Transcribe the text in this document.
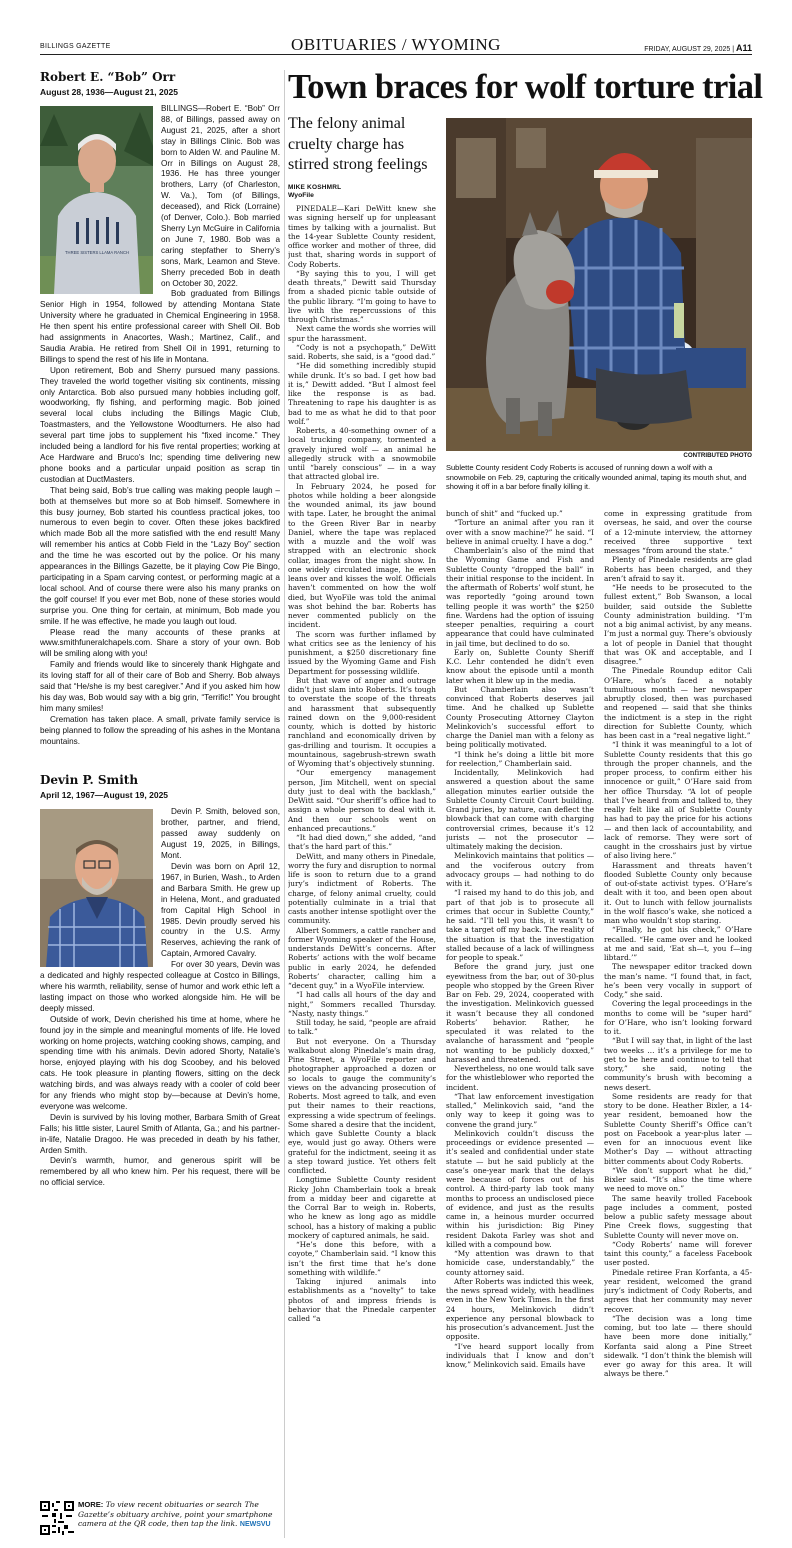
BILLINGS GAZETTE	OBITUARIES / WYOMING	FRIDAY, AUGUST 29, 2025 | A11
Robert E. “Bob” Orr
August 28, 1936—August 21, 2025
THREE SISTERS LLAMA RANCH

BILLINGS—Robert E. “Bob” Orr 88, of Billings, passed away on August 21, 2025, after a short stay in Billings Clinic. Bob was born to Alden W. and Pauline M. Orr in Billings on August 28, 1936. He has three younger brothers, Larry (of Charleston, W. Va.), Tom (of Billings, deceased), and Rick (Lorraine) (of Denver, Colo.). Bob married Sherry Lyn McGuire in California on June 7, 1980. Bob was a caring stepfather to Sherry’s sons, Mark, Leamon and Steve. Sherry preceded Bob in death on October 30, 2022.

Bob graduated from Billings Senior High in 1954, followed by attending Montana State University where he graduated in Chemical Engineering in 1958. He then spent his entire professional career with Shell Oil. Bob had assignments in Anacortes, Wash.; Martinez, Calif., and Saudia Arabia. He retired from Shell Oil in 1991, returning to Billings to spend the rest of his life in Montana.

Upon retirement, Bob and Sherry pursued many passions. They traveled the world together visiting six continents, missing only Antarctica. Bob also pursued many hobbies including golf, woodworking, fly fishing, and performing magic. Bob joined several local clubs including the Billings Magic Club, Toastmasters, and the Yellowstone Woodturners. He also had several part time jobs to supplement his “fixed income.” They included being a landlord for his five rental properties; working at Ace Hardware and Bruco’s Inc; spending time delivering new phone books and a particular unpaid position as scrap tin custodian at DuctMasters.

That being said, Bob’s true calling was making people laugh – both at themselves but more so at Bob himself. Somewhere in this busy journey, Bob started his countless practical jokes, too numerous to even begin to cover. Often these jokes backfired which made Bob all the more satisfied with the end result! Many will remember his antics at Cobb Field in the “Lazy Boy” section and the time he was escorted out by the police. Or his many appearances in the Billings Gazette, be it playing Cow Pie Bingo, participating in a Spam carving contest, or performing magic at a local school. And of course there were also his many pranks on the golf course! If you ever met Bob, none of these stories would surprise you. One thing for certain, at minimum, Bob made you smile. If he was effective, he made you laugh out loud.

Please read the many accounts of these pranks at www.smithfuneralchapels.com. Share a story of your own. Bob will be smiling along with you!

Family and friends would like to sincerely thank Highgate and its loving staff for all of their care of Bob and Sherry. Bob always said that “He/she is my best caregiver.” And if you asked him how his day was, Bob would say with a big grin, “Terrific!” You brought him many smiles!

Cremation has taken place. A small, private family service is being planned to follow the spreading of his ashes in the Montana mountains.

Devin P. Smith
April 12, 1967—August 19, 2025

Devin P. Smith, beloved son, brother, partner, and friend, passed away suddenly on August 19, 2025, in Billings, Mont.

Devin was born on April 12, 1967, in Burien, Wash., to Arden and Barbara Smith. He grew up in Helena, Mont., and graduated from Capital High School in 1985. Devin proudly served his country in the U.S. Army Reserves, achieving the rank of Captain, Armored Cavalry.

For over 30 years, Devin was a dedicated and highly respected colleague at Costco in Billings, where his warmth, reliability, sense of humor and work ethic left a lasting impact on those who worked alongside him. He will be deeply missed.

Outside of work, Devin cherished his time at home, where he found joy in the simple and meaningful moments of life. He loved working on home projects, watching cooking shows, camping, and spending time with his animals. Devin adored Shorty, Natalie’s horse, enjoyed playing with his dog Scoobey, and his beloved cats. He took pleasure in planting flowers, sitting on the deck watching birds, and was always ready with a cooler of cold beer for any friends who might stop by—because at Devin’s home, everyone was welcome.

Devin is survived by his loving mother, Barbara Smith of Great Falls; his little sister, Laurel Smith of Atlanta, Ga.; and his partner-in-life, Natalie Dragoo. He was preceded in death by his father, Arden Smith.

Devin’s warmth, humor, and generous spirit will be remembered by all who knew him. Per his request, there will be no official service.

MORE: To view recent obituaries or search The Gazette’s obituary archive, point your smartphone camera at the QR code, then tap the link. NEWSVU
Town braces for wolf torture trial
The felony animal cruelty charge has stirred strong feelings
MIKE KOSHMRL
WyoFile
CONTRIBUTED PHOTO
Sublette County resident Cody Roberts is accused of running down a wolf with a snowmobile on Feb. 29, capturing the critically wounded animal, taping its mouth shut, and showing it off in a bar before finally killing it.

PINEDALE—Kari DeWitt knew she was signing herself up for unpleasant times by talking with a journalist. But the 14-year Sublette County resident, office worker and mother of three, did just that, sharing words in support of Cody Roberts.

“By saying this to you, I will get death threats,” Dewitt said Thursday from a shaded picnic table outside of the public library. “I’m going to have to live with the repercussions of this through Christmas.”

Next came the words she worries will spur the harassment.

“Cody is not a psychopath,” DeWitt said. Roberts, she said, is a “good dad.”

“He did something incredibly stupid while drunk. It’s so bad. I get how bad it is,” Dewitt added. “But I almost feel like the response is as bad. Threatening to rape his daughter is as bad to me as what he did to that poor wolf.”

Roberts, a 40-something owner of a local trucking company, tormented a gravely injured wolf — an animal he allegedly struck with a snowmobile until “barely conscious” — in a way that attracted global ire.

In February 2024, he posed for photos while holding a beer alongside the wounded animal, its jaw bound with tape. Later, he brought the animal to the Green River Bar in nearby Daniel, where the tape was replaced with a muzzle and the wolf was strapped with an electronic shock collar, images from the night show. In one widely circulated image, he even leans over and kisses the wolf. Officials haven’t commented on how the wolf died, but WyoFile was told the animal was shot behind the bar. Roberts has never commented publicly on the incident.

The scorn was further inflamed by what critics see as the leniency of his punishment, a $250 discretionary fine issued by the Wyoming Game and Fish Department for possessing wildlife.

But that wave of anger and outrage didn’t just slam into Roberts. It’s tough to overstate the scope of the threats and harassment that subsequently rained down on the 9,000-resident county, which is dotted by historic ranchland and economically driven by gas-drilling and tourism. It occupies a mountainous, sagebrush-strewn swath of Wyoming that’s objectively stunning.

“Our emergency management person, Jim Mitchell, went on special duty just to deal with the backlash,” DeWitt said. “Our sheriff’s office had to assign a whole person to deal with it. And then our schools went on enhanced precautions.”

“It had died down,” she added, “and that’s the hard part of this.”

DeWitt, and many others in Pinedale, worry the fury and disruption to normal life is soon to return due to a grand jury’s indictment of Roberts. The charge, of felony animal cruelty, could potentially culminate in a trial that casts another intense spotlight over the community.

Albert Sommers, a cattle rancher and former Wyoming speaker of the House, understands DeWitt’s concerns. After Roberts’ actions with the wolf became public in early 2024, he defended Roberts’ character, calling him a “decent guy,” in a WyoFile interview.

“I had calls all hours of the day and night,” Sommers recalled Thursday. “Nasty, nasty things.”

Still today, he said, “people are afraid to talk.”

But not everyone. On a Thursday walkabout along Pinedale’s main drag, Pine Street, a WyoFile reporter and photographer approached a dozen or so locals to gauge the community’s views on the advancing prosecution of Roberts. Most agreed to talk, and even put their names to their reactions, expressing a wide spectrum of feelings. Some shared a desire that the incident, which gave Sublette County a black eye, would just go away. Others were grateful for the indictment, seeing it as a step toward justice. Yet others felt conflicted.

Longtime Sublette County resident Ricky John Chamberlain took a break from a midday beer and cigarette at the Corral Bar to weigh in. Roberts, who he knew as long ago as middle school, has a history of making a public mockery of captured animals, he said.

“He’s done this before, with a coyote,” Chamberlain said. “I know this isn’t the first time that he’s done something with wildlife.”

Taking injured animals into establishments as a “novelty” to take photos of and impress friends is behavior that the Pinedale carpenter called “a

bunch of shit” and “fucked up.”

“Torture an animal after you ran it over with a snow machine?” he said. “I believe in animal cruelty. I have a dog.”

Chamberlain’s also of the mind that the Wyoming Game and Fish and Sublette County “dropped the ball” in their initial response to the incident. In the aftermath of Roberts’ wolf stunt, he was reportedly “going around town telling people it was worth” the $250 fine. Wardens had the option of issuing steeper penalties, requiring a court appearance that could have culminated in jail time, but declined to do so.

Early on, Sublette County Sheriff K.C. Lehr contended he didn’t even know about the episode until a month later when it blew up in the media.

But Chamberlain also wasn’t convinced that Roberts deserves jail time. And he chalked up Sublette County Prosecuting Attorney Clayton Melinkovich’s successful effort to charge the Daniel man with a felony as being politically motivated.

“I think he’s doing a little bit more for reelection,” Chamberlain said.

Incidentally, Melinkovich had answered a question about the same allegation minutes earlier outside the Sublette County Circuit Court building. Grand juries, by nature, can deflect the blowback that can come with charging controversial crimes, because it’s 12 jurists — not the prosecutor — ultimately making the decision.

Melinkovich maintains that politics — and the vociferous outcry from advocacy groups — had nothing to do with it.

“I raised my hand to do this job, and part of that job is to prosecute all crimes that occur in Sublette County,” he said. “I’ll tell you this, it wasn’t to take a target off my back. The reality of the situation is that the investigation stalled because of a lack of willingness for people to speak.”

Before the grand jury, just one eyewitness from the bar, out of 30-plus people who stopped by the Green River Bar on Feb. 29, 2024, cooperated with the investigation. Melinkovich guessed it wasn’t because they all condoned Roberts’ behavior. Rather, he speculated it was related to the avalanche of harassment and “people not wanting to be publicly doxxed,” harassed and threatened.

Nevertheless, no one would talk save for the whistleblower who reported the incident.

“That law enforcement investigation stalled,” Melinkovich said, “and the only way to keep it going was to convene the grand jury.”

Melinkovich couldn’t discuss the proceedings or evidence presented — it’s sealed and confidential under state statute — but he said publicly at the case’s one-year mark that the delays were because of forces out of his control. A third-party lab took many months to process an undisclosed piece of evidence, and just as the results came in, a heinous murder occurred within his jurisdiction: Big Piney resident Dakota Farley was shot and killed with a compound bow.

“My attention was drawn to that homicide case, understandably,” the county attorney said.

After Roberts was indicted this week, the news spread widely, with headlines even in the New York Times. In the first 24 hours, Melinkovich didn’t experience any personal blowback to his prosecution’s advancement. Just the opposite.

“I’ve heard support locally from individuals that I know and don’t know,” Melinkovich said. Emails have

come in expressing gratitude from overseas, he said, and over the course of a 12-minute interview, the attorney received three supportive text messages “from around the state.”

Plenty of Pinedale residents are glad Roberts has been charged, and they aren’t afraid to say it.

“He needs to be prosecuted to the fullest extent,” Bob Swanson, a local builder, said outside the Sublette County administration building. “I’m not a big animal activist, by any means. I’m just a normal guy. There’s obviously a lot of people in Daniel that thought that was OK and acceptable, and I disagree.”

The Pinedale Roundup editor Cali O’Hare, who’s faced a notably tumultuous month — her newspaper abruptly closed, then was purchased and reopened — said that she thinks the indictment is a step in the right direction for Sublette County, which has been cast in a “real negative light.”

“I think it was meaningful to a lot of Sublette County residents that this go through the proper channels, and the proper process, to confirm either his innocence or guilt,” O’Hare said from her office Thursday. “A lot of people that I’ve heard from and talked to, they really felt like all of Sublette County has had to pay the price for his actions — and then lack of accountability, and lack of remorse. They were sort of caught in the crosshairs just by virtue of also living here.”

Harassment and threats haven’t flooded Sublette County only because of out-of-state activist types. O’Hare’s dealt with it too, and been open about it. Out to lunch with fellow journalists in the wolf fiasco’s wake, she noticed a man who wouldn’t stop staring.

“Finally, he got his check,” O’Hare recalled. “He came over and he looked at me and said, ‘Eat sh—t, you f—ing libtard.’”

The newspaper editor tracked down the man’s name. “I found that, in fact, he’s been very vocally in support of Cody,” she said.

Covering the legal proceedings in the months to come will be “super hard” for O’Hare, who isn’t looking forward to it.

“But I will say that, in light of the last two weeks … it’s a privilege for me to get to be here and continue to tell that story,” she said, noting the community’s brush with becoming a news desert.

Some residents are ready for that story to be done. Heather Bixler, a 14-year resident, bemoaned how the Sublette County Sheriff’s Office can’t post on Facebook a year-plus later — even for an innocuous event like Mother’s Day — without attracting bitter comments about Cody Roberts.

“We don’t support what he did,” Bixler said. “It’s also the time where we need to move on.”

The same heavily trolled Facebook page includes a comment, posted below a public safety message about Pine Creek flows, suggesting that Sublette County will never move on.

“Cody Roberts’ name will forever taint this county,” a faceless Facebook user posted.

Pinedale retiree Fran Korfanta, a 45-year resident, welcomed the grand jury’s indictment of Cody Roberts, and agrees that her community may never recover.

“The decision was a long time coming, but too late — there should have been more done initially,” Korfanta said along a Pine Street sidewalk. “I don’t think the blemish will ever go away for this area. It will always be there.”
